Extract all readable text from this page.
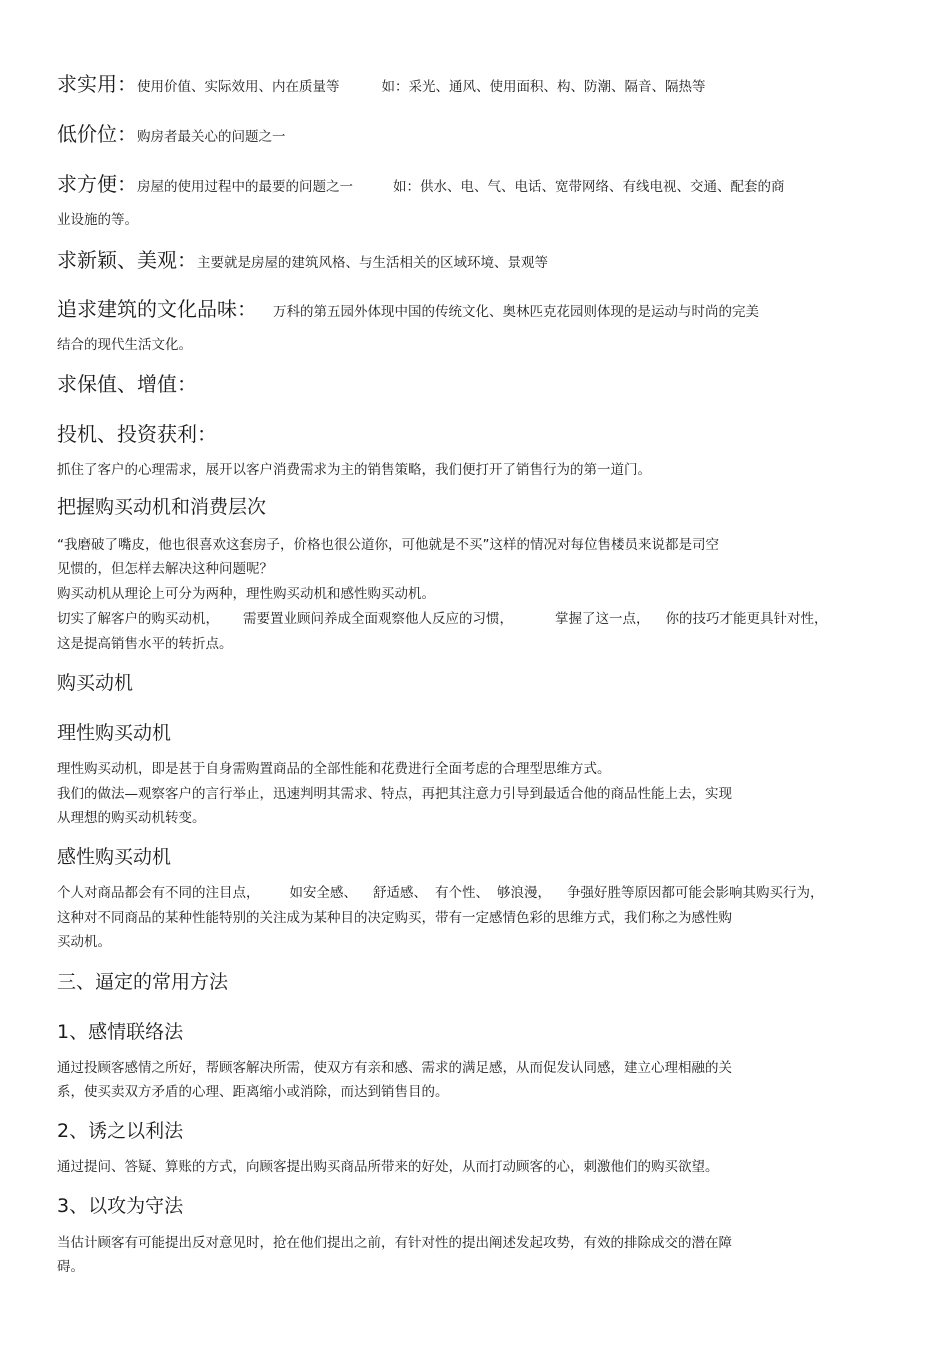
求实用：使用价值、实际效用、内在质量等	如：采光、通风、使用面积、构、防潮、隔音、隔热等
低价位：购房者最关心的问题之一
求方便：房屋的使用过程中的最要的问题之一	如：供水、电、气、电话、宽带网络、有线电视、交通、配套的商
业设施的等。
求新颖、美观：主要就是房屋的建筑风格、与生活相关的区域环境、景观等
追求建筑的文化品味： 万科的第五园外体现中国的传统文化、奥林匹克花园则体现的是运动与时尚的完美
结合的现代生活文化。
求保值、增值：
投机、投资获利：
抓住了客户的心理需求，展开以客户消费需求为主的销售策略，我们便打开了销售行为的第一道门。
把握购买动机和消费层次
“我磨破了嘴皮，他也很喜欢这套房子，价格也很公道你，可他就是不买”这样的情况对每位售楼员来说都是司空
见惯的，但怎样去解决这种问题呢？
购买动机从理论上可分为两种，理性购买动机和感性购买动机。
切实了解客户的购买动机， 需要置业顾问养成全面观察他人反应的习惯，	掌握了这一点， 你的技巧才能更具针对性，
这是提高销售水平的转折点。
购买动机
理性购买动机
理性购买动机，即是甚于自身需购置商品的全部性能和花费进行全面考虑的合理型思维方式。
我们的做法—观察客户的言行举止，迅速判明其需求、特点，再把其注意力引导到最适合他的商品性能上去，实现
从理想的购买动机转变。
感性购买动机
个人对商品都会有不同的注目点， 如安全感、 舒适感、 有个性、 够浪漫， 争强好胜等原因都可能会影响其购买行为，
这种对不同商品的某种性能特别的关注成为某种目的决定购买，带有一定感情色彩的思维方式，我们称之为感性购
买动机。
三、逼定的常用方法
1、感情联络法
通过投顾客感情之所好，帮顾客解决所需，使双方有亲和感、需求的满足感，从而促发认同感，建立心理相融的关
系，使买卖双方矛盾的心理、距离缩小或消除，而达到销售目的。
2、诱之以利法
通过提问、答疑、算账的方式，向顾客提出购买商品所带来的好处，从而打动顾客的心，刺激他们的购买欲望。
3、以攻为守法
当估计顾客有可能提出反对意见时，抢在他们提出之前，有针对性的提出阐述发起攻势，有效的排除成交的潜在障
碍。
